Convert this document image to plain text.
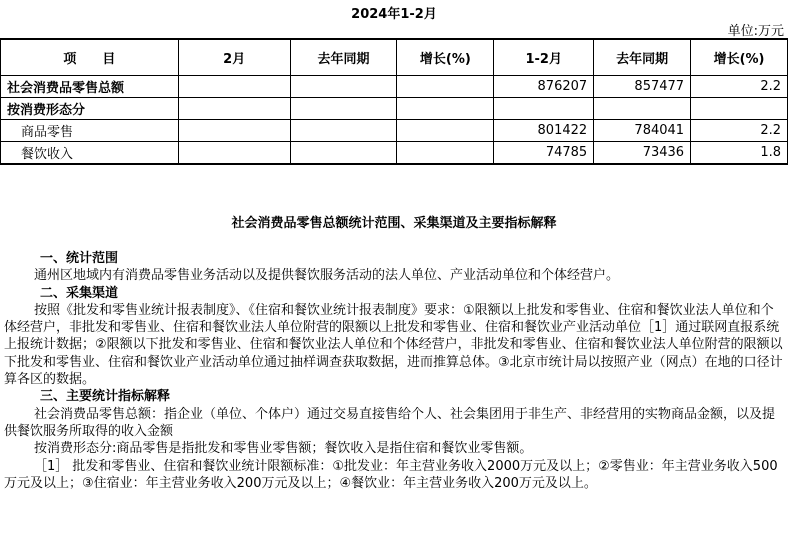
2024年1-2月
单位:万元
项　　目	2月	去年同期	增长(%)	1-2月	去年同期	增长(%)
社会消费品零售总额				876207	857477	2.2
按消费形态分						
商品零售				801422	784041	2.2
餐饮收入				74785	73436	1.8
社会消费品零售总额统计范围、采集渠道及主要指标解释

一、统计范围

通州区地域内有消费品零售业务活动以及提供餐饮服务活动的法人单位、产业活动单位和个体经营户。

二、采集渠道

按照《批发和零售业统计报表制度》、《住宿和餐饮业统计报表制度》要求：①限额以上批发和零售业、住宿和餐饮业法人单位和个体经营户，非批发和零售业、住宿和餐饮业法人单位附营的限额以上批发和零售业、住宿和餐饮业产业活动单位［1］通过联网直报系统上报统计数据；②限额以下批发和零售业、住宿和餐饮业法人单位和个体经营户，非批发和零售业、住宿和餐饮业法人单位附营的限额以下批发和零售业、住宿和餐饮业产业活动单位通过抽样调查获取数据，进而推算总体。③北京市统计局以按照产业（网点）在地的口径计算各区的数据。

三、主要统计指标解释

社会消费品零售总额：指企业（单位、个体户）通过交易直接售给个人、社会集团用于非生产、非经营用的实物商品金额，以及提供餐饮服务所取得的收入金额

按消费形态分:商品零售是指批发和零售业零售额；餐饮收入是指住宿和餐饮业零售额。

［1］ 批发和零售业、住宿和餐饮业统计限额标准：①批发业：年主营业务收入2000万元及以上；②零售业：年主营业务收入500万元及以上；③住宿业：年主营业务收入200万元及以上；④餐饮业：年主营业务收入200万元及以上。
